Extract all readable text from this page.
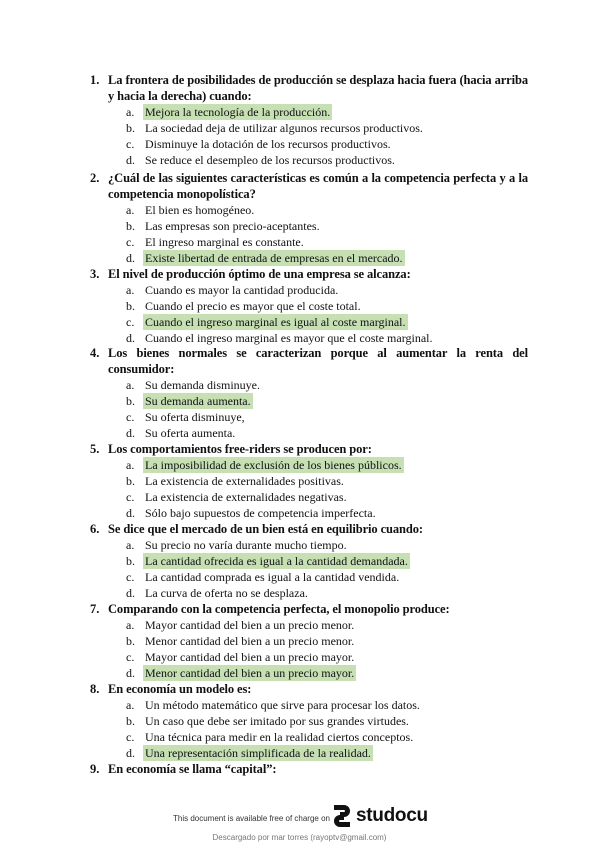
1. La frontera de posibilidades de producción se desplaza hacia fuera (hacia arriba y hacia la derecha) cuando:
a. Mejora la tecnología de la producción.
b. La sociedad deja de utilizar algunos recursos productivos.
c. Disminuye la dotación de los recursos productivos.
d. Se reduce el desempleo de los recursos productivos.
2. ¿Cuál de las siguientes características es común a la competencia perfecta y a la competencia monopolística?
a. El bien es homogéneo.
b. Las empresas son precio-aceptantes.
c. El ingreso marginal es constante.
d. Existe libertad de entrada de empresas en el mercado.
3. El nivel de producción óptimo de una empresa se alcanza:
a. Cuando es mayor la cantidad producida.
b. Cuando el precio es mayor que el coste total.
c. Cuando el ingreso marginal es igual al coste marginal.
d. Cuando el ingreso marginal es mayor que el coste marginal.
4. Los bienes normales se caracterizan porque al aumentar la renta del consumidor:
a. Su demanda disminuye.
b. Su demanda aumenta.
c. Su oferta disminuye,
d. Su oferta aumenta.
5. Los comportamientos free-riders se producen por:
a. La imposibilidad de exclusión de los bienes públicos.
b. La existencia de externalidades positivas.
c. La existencia de externalidades negativas.
d. Sólo bajo supuestos de competencia imperfecta.
6. Se dice que el mercado de un bien está en equilibrio cuando:
a. Su precio no varía durante mucho tiempo.
b. La cantidad ofrecida es igual a la cantidad demandada.
c. La cantidad comprada es igual a la cantidad vendida.
d. La curva de oferta no se desplaza.
7. Comparando con la competencia perfecta, el monopolio produce:
a. Mayor cantidad del bien a un precio menor.
b. Menor cantidad del bien a un precio menor.
c. Mayor cantidad del bien a un precio mayor.
d. Menor cantidad del bien a un precio mayor.
8. En economía un modelo es:
a. Un método matemático que sirve para procesar los datos.
b. Un caso que debe ser imitado por sus grandes virtudes.
c. Una técnica para medir en la realidad ciertos conceptos.
d. Una representación simplificada de la realidad.
9. En economía se llama “capital”:
This document is available free of charge on studocu
Descargado por mar torres (rayoptv@gmail.com)
